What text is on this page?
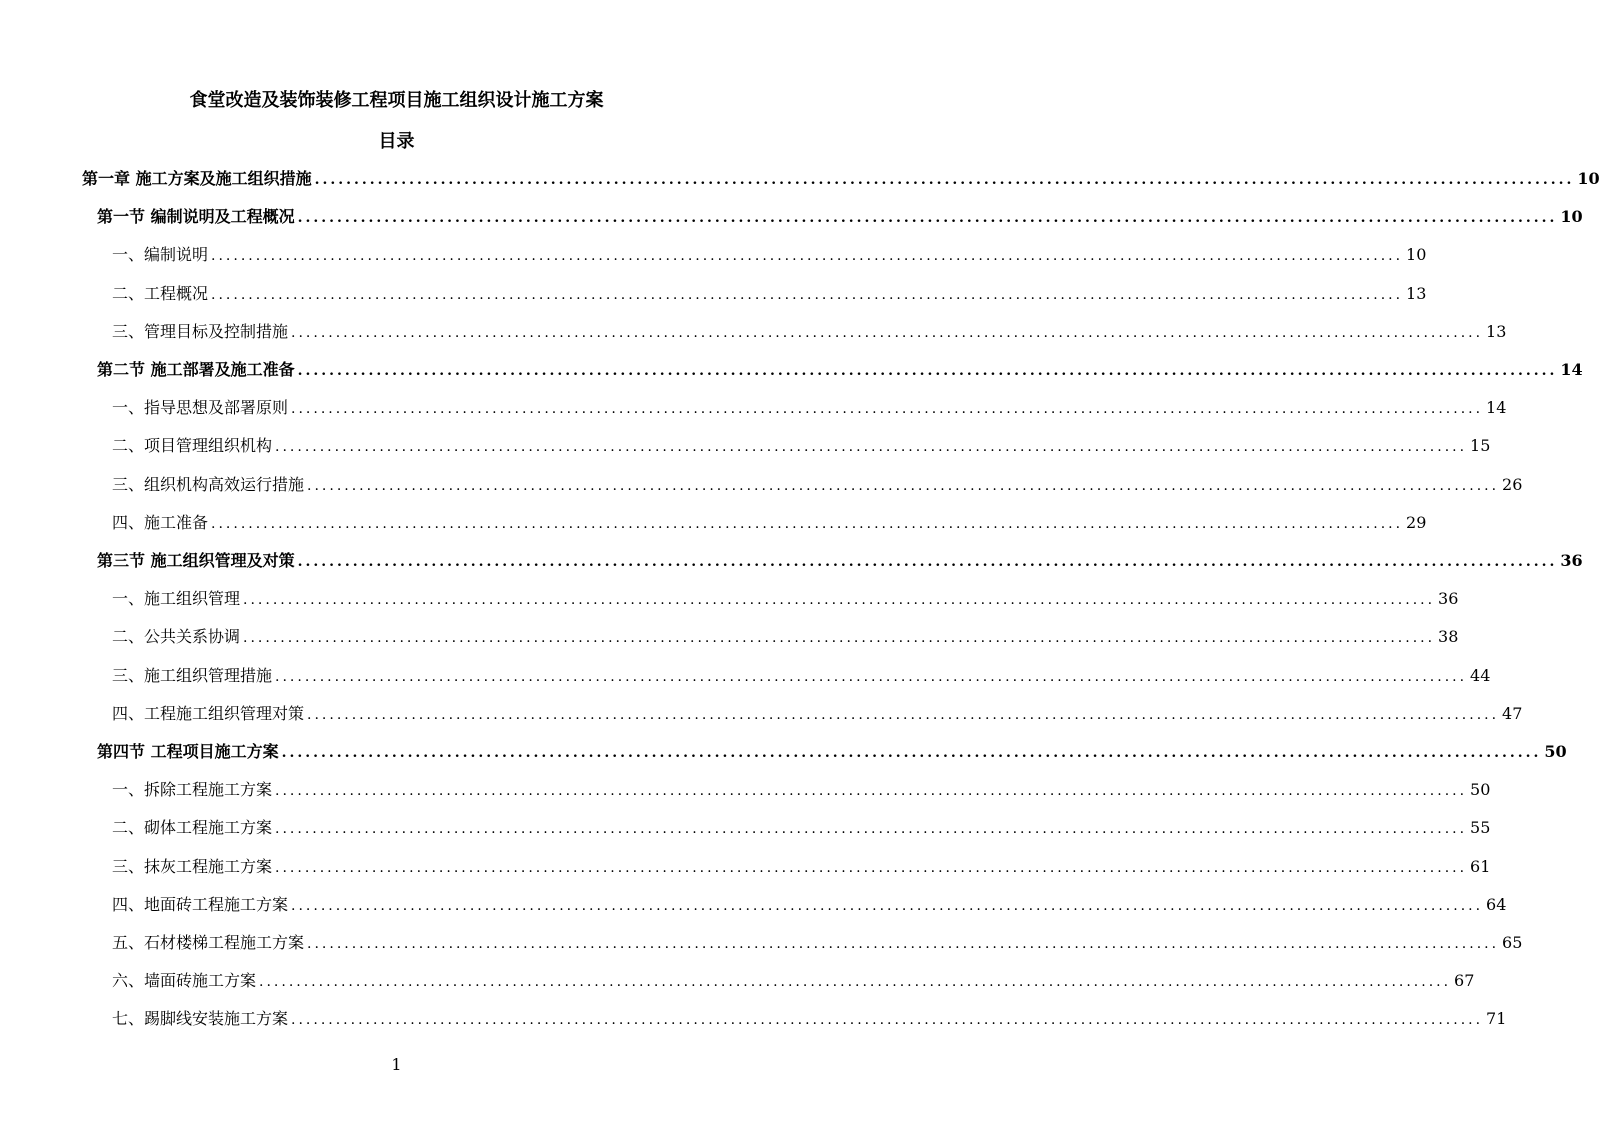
食堂改造及装饰装修工程项目施工组织设计施工方案
目录
第一章 施工方案及施工组织措施 ................................................................................................................................................................ 10
第一节 编制说明及工程概况 ................................................................................................................................................................ 10
一、编制说明 ................................................................................................................................................................ 10
二、工程概况 ................................................................................................................................................................ 13
三、管理目标及控制措施 ................................................................................................................................................................ 13
第二节 施工部署及施工准备 ................................................................................................................................................................ 14
一、指导思想及部署原则 ................................................................................................................................................................ 14
二、项目管理组织机构 ................................................................................................................................................................ 15
三、组织机构高效运行措施 ................................................................................................................................................................ 26
四、施工准备 ................................................................................................................................................................ 29
第三节 施工组织管理及对策 ................................................................................................................................................................ 36
一、施工组织管理 ................................................................................................................................................................ 36
二、公共关系协调 ................................................................................................................................................................ 38
三、施工组织管理措施 ................................................................................................................................................................ 44
四、工程施工组织管理对策 ................................................................................................................................................................ 47
第四节 工程项目施工方案 ................................................................................................................................................................ 50
一、拆除工程施工方案 ................................................................................................................................................................ 50
二、砌体工程施工方案 ................................................................................................................................................................ 55
三、抹灰工程施工方案 ................................................................................................................................................................ 61
四、地面砖工程施工方案 ................................................................................................................................................................ 64
五、石材楼梯工程施工方案 ................................................................................................................................................................ 65
六、墙面砖施工方案 ................................................................................................................................................................ 67
七、踢脚线安装施工方案 ................................................................................................................................................................ 71
1
